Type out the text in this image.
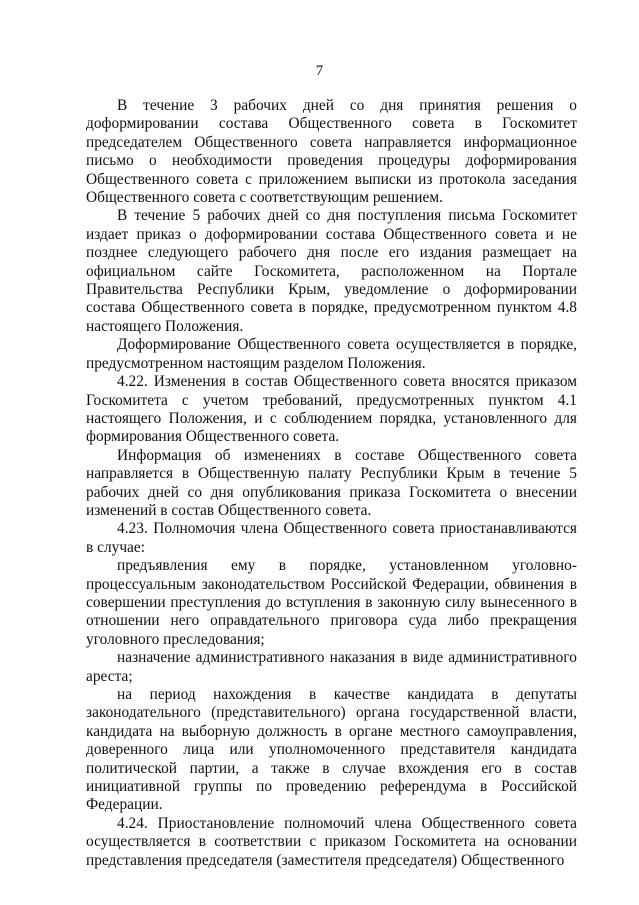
7

В течение 3 рабочих дней со дня принятия решения о доформировании состава Общественного совета в Госкомитет председателем Общественного совета направляется информационное письмо о необходимости проведения процедуры доформирования Общественного совета с приложением выписки из протокола заседания Общественного совета с соответствующим решением.

В течение 5 рабочих дней со дня поступления письма Госкомитет издает приказ о доформировании состава Общественного совета и не позднее следующего рабочего дня после его издания размещает на официальном сайте Госкомитета, расположенном на Портале Правительства Республики Крым, уведомление о доформировании состава Общественного совета в порядке, предусмотренном пунктом 4.8 настоящего Положения.

Доформирование Общественного совета осуществляется в порядке, предусмотренном настоящим разделом Положения.

4.22. Изменения в состав Общественного совета вносятся приказом Госкомитета с учетом требований, предусмотренных пунктом 4.1 настоящего Положения, и с соблюдением порядка, установленного для формирования Общественного совета.

Информация об изменениях в составе Общественного совета направляется в Общественную палату Республики Крым в течение 5 рабочих дней со дня опубликования приказа Госкомитета о внесении изменений в состав Общественного совета.

4.23. Полномочия члена Общественного совета приостанавливаются в случае:

предъявления ему в порядке, установленном уголовно-процессуальным законодательством Российской Федерации, обвинения в совершении преступления до вступления в законную силу вынесенного в отношении него оправдательного приговора суда либо прекращения уголовного преследования;

назначение административного наказания в виде административного ареста;

на период нахождения в качестве кандидата в депутаты законодательного (представительного) органа государственной власти, кандидата на выборную должность в органе местного самоуправления, доверенного лица или уполномоченного представителя кандидата политической партии, а также в случае вхождения его в состав инициативной группы по проведению референдума в Российской Федерации.

4.24. Приостановление полномочий члена Общественного совета осуществляется в соответствии с приказом Госкомитета на основании представления председателя (заместителя председателя) Общественного
